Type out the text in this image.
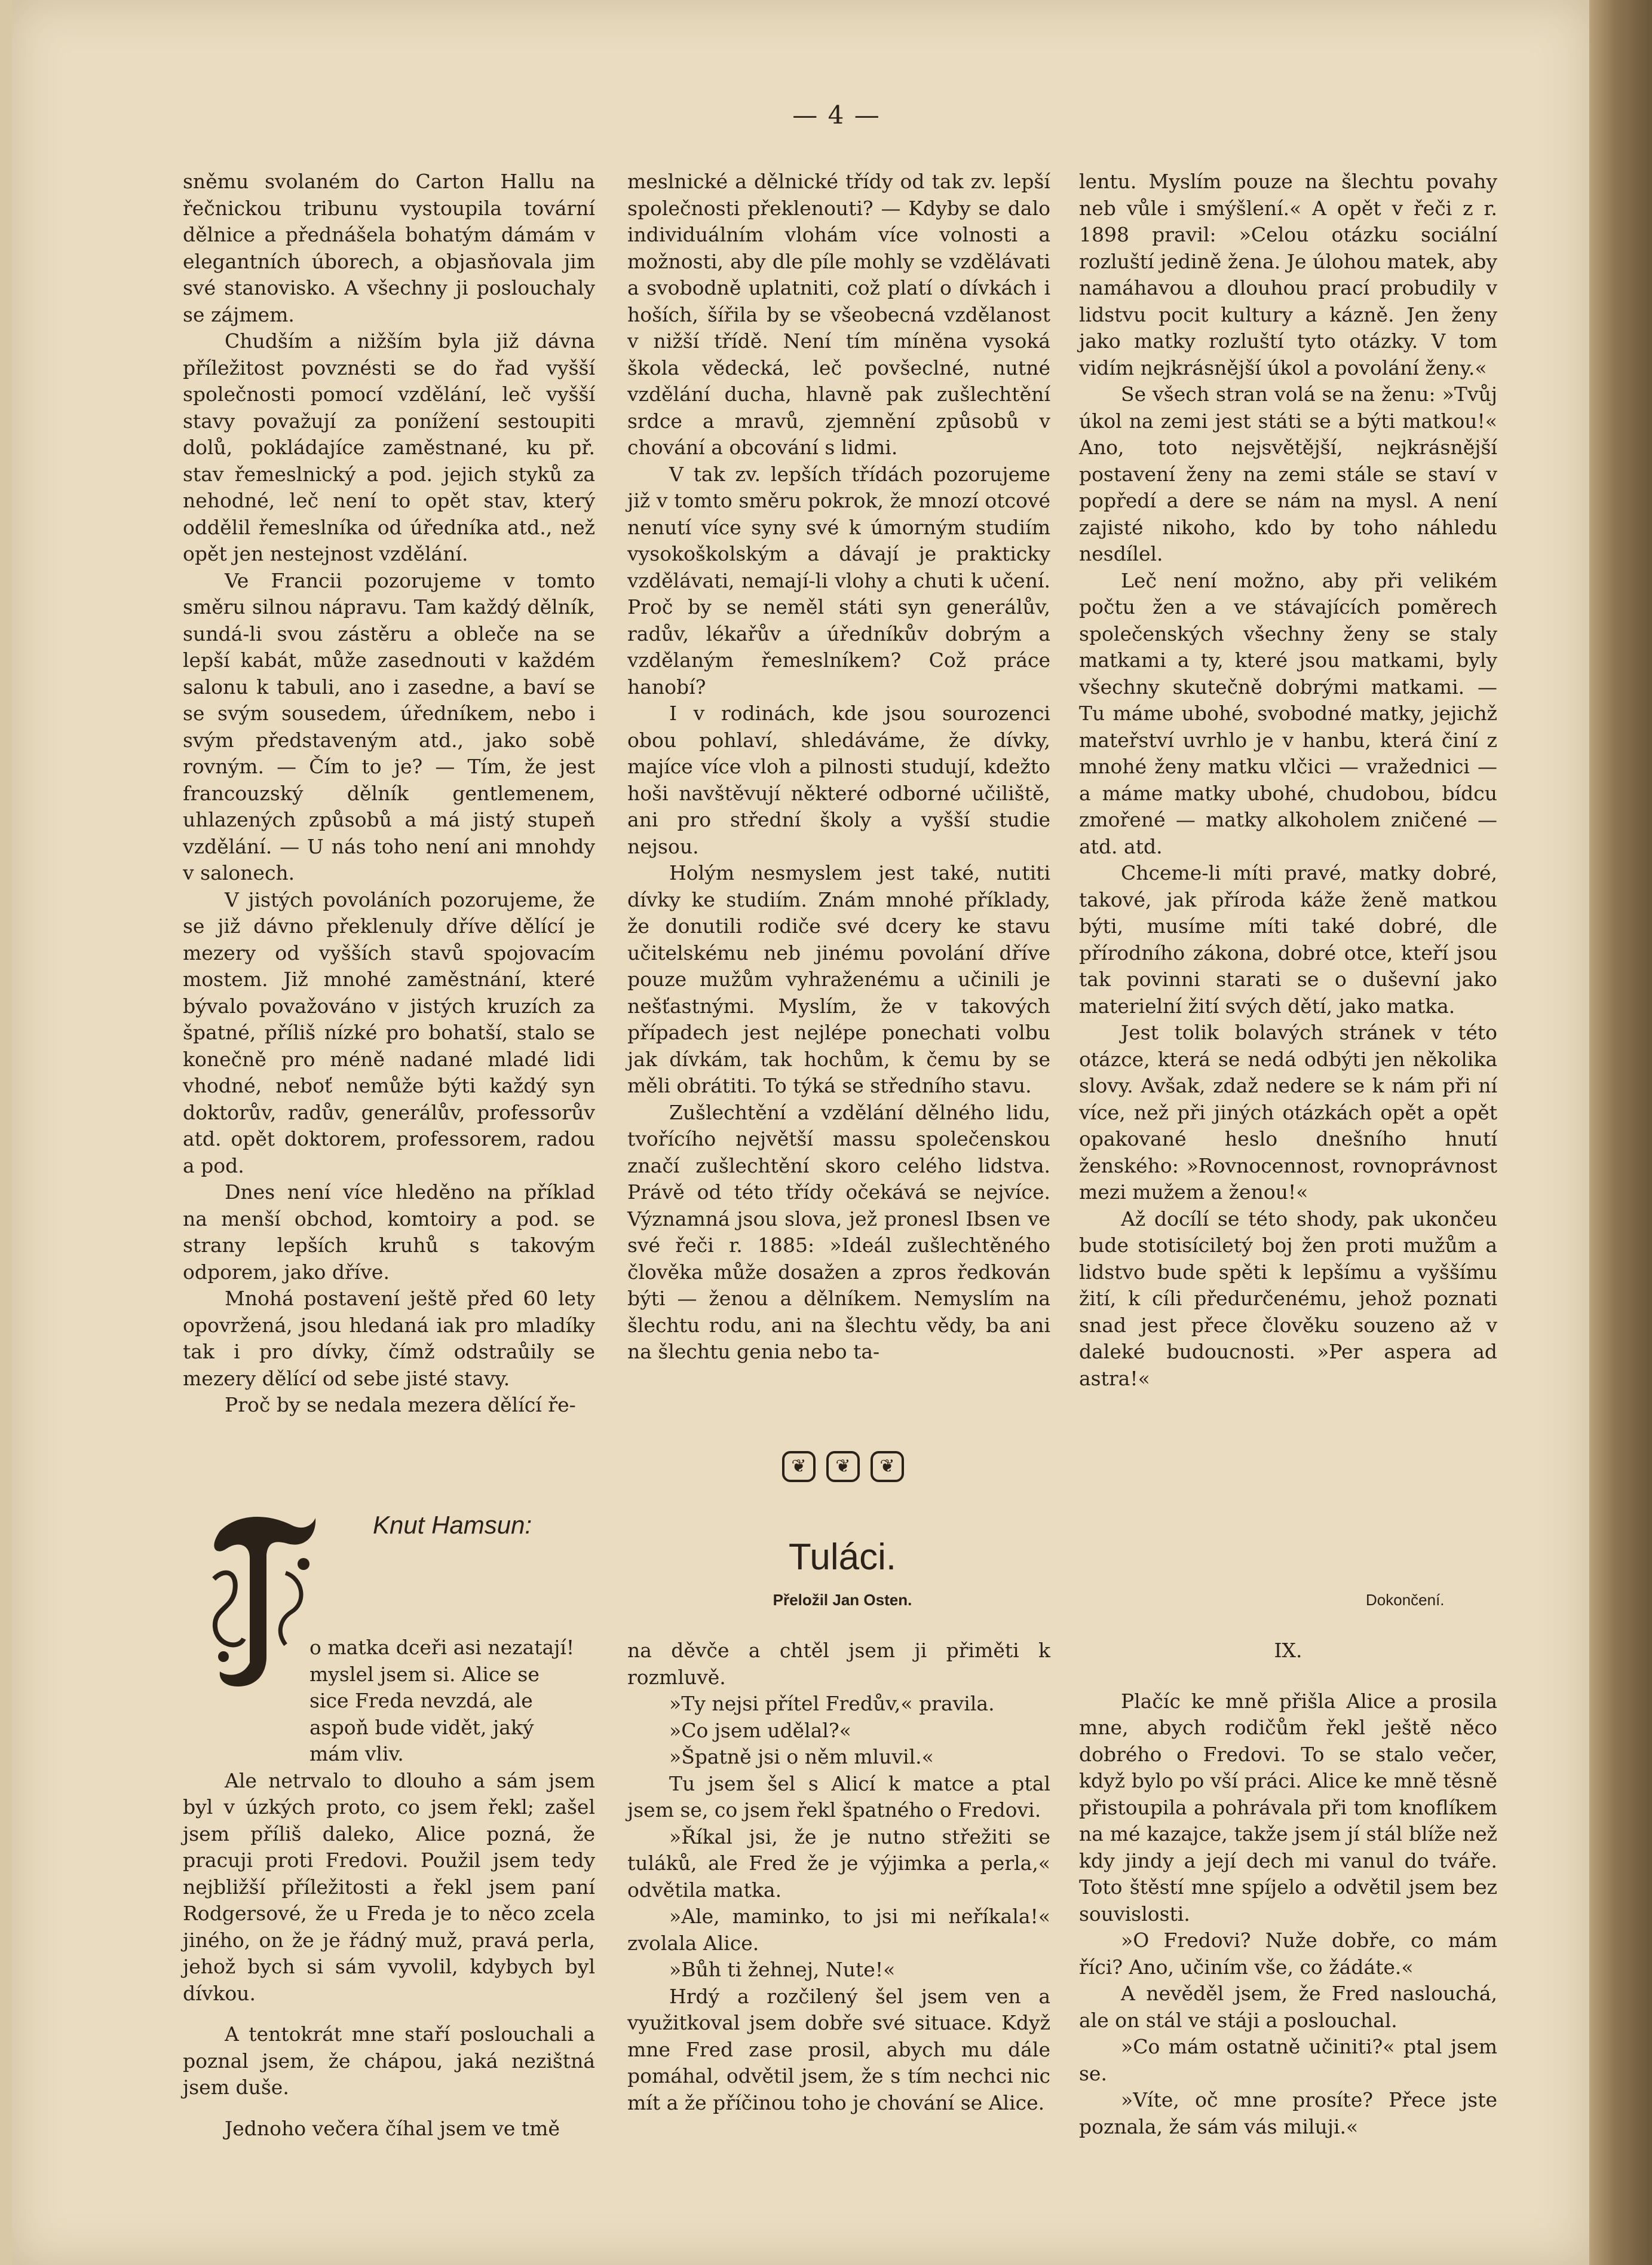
— 4 —

sněmu svolaném do Carton Hallu na řečnickou tribunu vystoupila tovární dělnice a přednášela bohatým dámám v elegantních úborech, a objasňovala jim své stanovisko. A všechny ji poslouchaly se zájmem.

Chudším a nižším byla již dávna příležitost povznésti se do řad vyšší společnosti pomocí vzdělání, leč vyšší stavy považují za ponížení sestoupiti dolů, pokládajíce zaměstnané, ku př. stav řemeslnický a pod. jejich styků za nehodné, leč není to opět stav, který oddělil řemeslníka od úředníka atd., než opět jen nestejnost vzdělání.

Ve Francii pozorujeme v tomto směru silnou nápravu. Tam každý dělník, sundá-li svou zástěru a obleče na se lepší kabát, může zasednouti v každém salonu k tabuli, ano i zasedne, a baví se se svým sousedem, úředníkem, nebo i svým představeným atd., jako sobě rovným. — Čím to je? — Tím, že jest francouzský dělník gentlemenem, uhlazených způsobů a má jistý stupeň vzdělání. — U nás toho není ani mnohdy v salonech.

V jistých povoláních pozorujeme, že se již dávno překlenuly dříve dělící je mezery od vyšších stavů spojovacím mostem. Již mnohé zaměstnání, které bývalo považováno v jistých kruzích za špatné, příliš nízké pro bohatší, stalo se konečně pro méně nadané mladé lidi vhodné, neboť nemůže býti každý syn doktorův, radův, generálův, professorův atd. opět doktorem, professorem, radou a pod.

Dnes není více hleděno na příklad na menší obchod, komtoiry a pod. se strany lepších kruhů s takovým odporem, jako dříve.

Mnohá postavení ještě před 60 lety opovržená, jsou hledaná iak pro mladíky tak i pro dívky, čímž odstraůily se mezery dělící od sebe jisté stavy.

Proč by se nedala mezera dělící ře-

meslnické a dělnické třídy od tak zv. lepší společnosti překlenouti? — Kdyby se dalo individuálním vlohám více volnosti a možnosti, aby dle píle mohly se vzdělávati a svobodně uplatniti, což platí o dívkách i hoších, šířila by se všeobecná vzdělanost v nižší třídě. Není tím míněna vysoká škola vědecká, leč povšeclné, nutné vzdělání ducha, hlavně pak zušlechtění srdce a mravů, zjemnění způsobů v chování a obcování s lidmi.

V tak zv. lepších třídách pozorujeme již v tomto směru pokrok, že mnozí otcové nenutí více syny své k úmorným studiím vysokoškolským a dávají je prakticky vzdělávati, nemají-li vlohy a chuti k učení. Proč by se neměl státi syn generálův, radův, lékařův a úředníkův dobrým a vzdělaným řemeslníkem? Což práce hanobí?

I v rodinách, kde jsou sourozenci obou pohlaví, shledáváme, že dívky, majíce více vloh a pilnosti studují, kdežto hoši navštěvují některé odborné učiliště, ani pro střední školy a vyšší studie nejsou.

Holým nesmyslem jest také, nutiti dívky ke studiím. Znám mnohé příklady, že donutili rodiče své dcery ke stavu učitelskému neb jinému povolání dříve pouze mužům vyhraženému a učinili je nešťastnými. Myslím, že v takových případech jest nejlépe ponechati volbu jak dívkám, tak hochům, k čemu by se měli obrátiti. To týká se středního stavu.

Zušlechtění a vzdělání dělného lidu, tvořícího největší massu společenskou značí zušlechtění skoro celého lidstva. Právě od této třídy očekává se nejvíce. Významná jsou slova, jež pronesl Ibsen ve své řeči r. 1885: »Ideál zušlechtěného člověka může dosažen a zpros ředkován býti — ženou a dělníkem. Nemyslím na šlechtu rodu, ani na šlechtu vědy, ba ani na šlechtu genia nebo ta-

lentu. Myslím pouze na šlechtu povahy neb vůle i smýšlení.« A opět v řeči z r. 1898 pravil: »Celou otázku sociální rozluští jedině žena. Je úlohou matek, aby namáhavou a dlouhou prací probudily v lidstvu pocit kultury a kázně. Jen ženy jako matky rozluští tyto otázky. V tom vidím nejkrásnější úkol a povolání ženy.«

Se všech stran volá se na ženu: »Tvůj úkol na zemi jest státi se a býti matkou!« Ano, toto nejsvětější, nejkrásnější postavení ženy na zemi stále se staví v popředí a dere se nám na mysl. A není zajisté nikoho, kdo by toho náhledu nesdílel.

Leč není možno, aby při velikém počtu žen a ve stávajících poměrech společenských všechny ženy se staly matkami a ty, které jsou matkami, byly všechny skutečně dobrými matkami. — Tu máme ubohé, svobodné matky, jejichž mateřství uvrhlo je v hanbu, která činí z mnohé ženy matku vlčici — vražednici — a máme matky ubohé, chudobou, bídcu zmořené — matky alkoholem zničené — atd. atd.

Chceme-li míti pravé, matky dobré, takové, jak příroda káže ženě matkou býti, musíme míti také dobré, dle přírodního zákona, dobré otce, kteří jsou tak povinni starati se o duševní jako materielní žití svých dětí, jako matka.

Jest tolik bolavých stránek v této otázce, která se nedá odbýti jen několika slovy. Avšak, zdaž nedere se k nám při ní více, než při jiných otázkách opět a opět opakované heslo dnešního hnutí ženského: »Rovnocennost, rovnoprávnost mezi mužem a ženou!«

Až docílí se této shody, pak ukončeu bude stotisíciletý boj žen proti mužům a lidstvo bude spěti k lepšímu a vyššímu žití, k cíli předurčenému, jehož poznati snad jest přece člověku souzeno až v daleké budoucnosti. »Per aspera ad astra!«

❦	❦	❦
Knut Hamsun:
Tuláci.
Přeložil Jan Osten.	Dokončení.

o matka dceři asi nezatají!

myslel jsem si. Alice se

sice Freda nevzdá, ale

aspoň bude vidět, jaký

mám vliv.

Ale netrvalo to dlouho a sám jsem byl v úzkých proto, co jsem řekl; zašel jsem příliš daleko, Alice pozná, že pracuji proti Fredovi. Použil jsem tedy nejbližší příležitosti a řekl jsem paní Rodgersové, že u Freda je to něco zcela jiného, on že je řádný muž, pravá perla, jehož bych si sám vyvolil, kdybych byl dívkou.

A tentokrát mne staří poslouchali a poznal jsem, že chápou, jaká nezištná jsem duše.

Jednoho večera číhal jsem ve tmě

na děvče a chtěl jsem ji přiměti k rozmluvě.

»Ty nejsi přítel Fredův,« pravila.

»Co jsem udělal?«

»Špatně jsi o něm mluvil.«

Tu jsem šel s Alicí k matce a ptal jsem se, co jsem řekl špatného o Fredovi.

»Říkal jsi, že je nutno střežiti se tuláků, ale Fred že je výjimka a perla,« odvětila matka.

»Ale, maminko, to jsi mi neříkala!« zvolala Alice.

»Bůh ti žehnej, Nute!«

Hrdý a rozčilený šel jsem ven a využitkoval jsem dobře své situace. Když mne Fred zase prosil, abych mu dále pomáhal, odvětil jsem, že s tím nechci nic mít a že příčinou toho je chování se Alice.

IX.

Plačíc ke mně přišla Alice a prosila mne, abych rodičům řekl ještě něco dobrého o Fredovi. To se stalo večer, když bylo po vší práci. Alice ke mně těsně přistoupila a pohrávala při tom knoflíkem na mé kazajce, takže jsem jí stál blíže než kdy jindy a její dech mi vanul do tváře. Toto štěstí mne spíjelo a odvětil jsem bez souvislosti.

»O Fredovi? Nuže dobře, co mám říci? Ano, učiním vše, co žádáte.«

A nevěděl jsem, že Fred naslouchá, ale on stál ve stáji a poslouchal.

»Co mám ostatně učiniti?« ptal jsem se.

»Víte, oč mne prosíte? Přece jste poznala, že sám vás miluji.«
